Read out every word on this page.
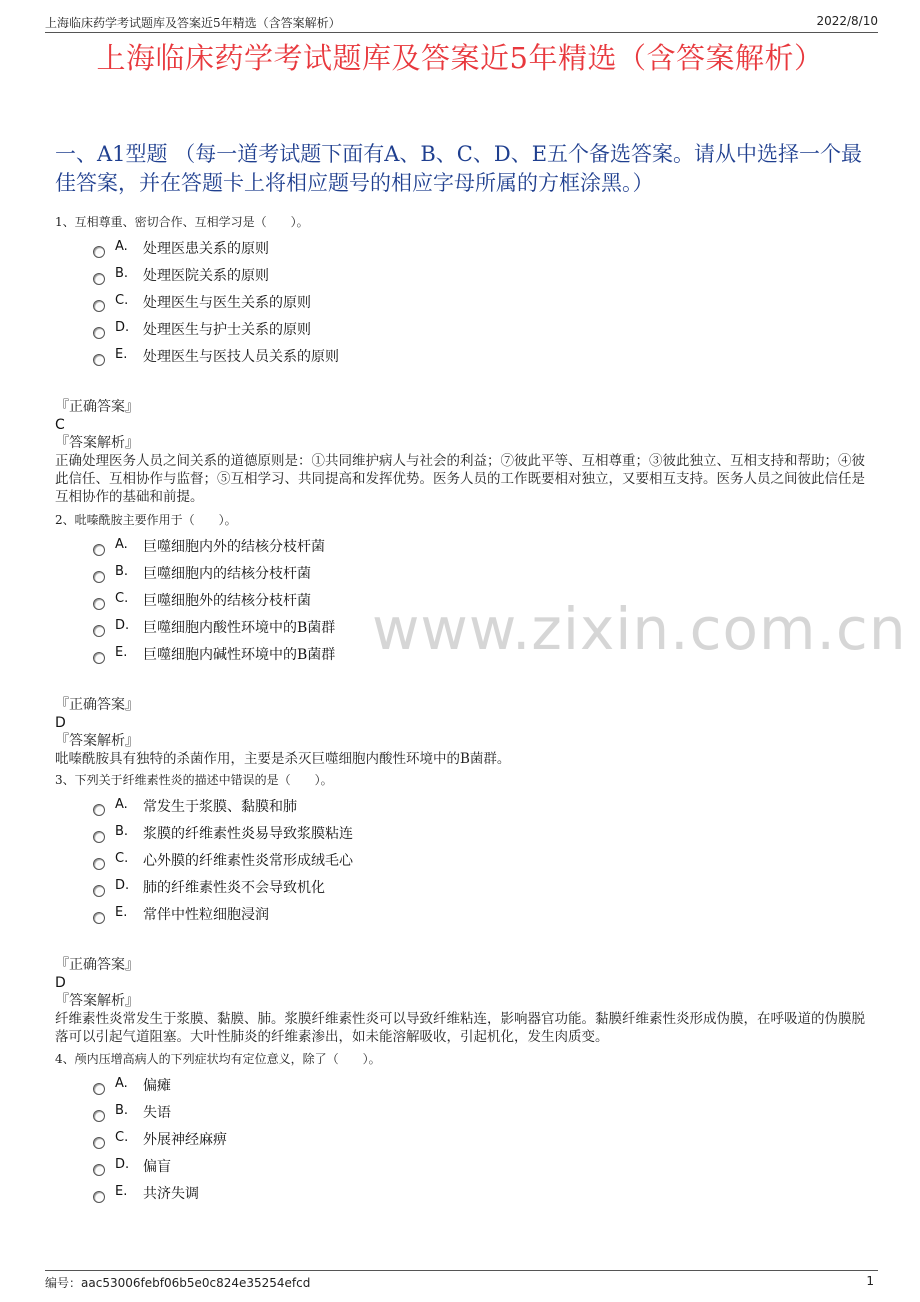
上海临床药学考试题库及答案近5年精选（含答案解析）	2022/8/10
上海临床药学考试题库及答案近5年精选（含答案解析）
一、A1型题 （每一道考试题下面有A、B、C、D、E五个备选答案。请从中选择一个最佳答案，并在答题卡上将相应题号的相应字母所属的方框涂黑。）
www.zixin.com.cn
1、互相尊重、密切合作、互相学习是（　　）。
A. 处理医患关系的原则
B. 处理医院关系的原则
C. 处理医生与医生关系的原则
D. 处理医生与护士关系的原则
E. 处理医生与医技人员关系的原则
『正确答案』
C
『答案解析』
正确处理医务人员之间关系的道德原则是：①共同维护病人与社会的利益；⑦彼此平等、互相尊重；③彼此独立、互相支持和帮助；④彼此信任、互相协作与监督；⑤互相学习、共同提高和发挥优势。医务人员的工作既要相对独立，又要相互支持。医务人员之间彼此信任是互相协作的基础和前提。
2、吡嗪酰胺主要作用于（　　）。
A. 巨噬细胞内外的结核分枝杆菌
B. 巨噬细胞内的结核分枝杆菌
C. 巨噬细胞外的结核分枝杆菌
D. 巨噬细胞内酸性环境中的B菌群
E. 巨噬细胞内碱性环境中的B菌群
『正确答案』
D
『答案解析』
吡嗪酰胺具有独特的杀菌作用，主要是杀灭巨噬细胞内酸性环境中的B菌群。
3、下列关于纤维素性炎的描述中错误的是（　　）。
A. 常发生于浆膜、黏膜和肺
B. 浆膜的纤维素性炎易导致浆膜粘连
C. 心外膜的纤维素性炎常形成绒毛心
D. 肺的纤维素性炎不会导致机化
E. 常伴中性粒细胞浸润
『正确答案』
D
『答案解析』
纤维素性炎常发生于浆膜、黏膜、肺。浆膜纤维素性炎可以导致纤维粘连，影响器官功能。黏膜纤维素性炎形成伪膜，在呼吸道的伪膜脱落可以引起气道阻塞。大叶性肺炎的纤维素渗出，如未能溶解吸收，引起机化，发生肉质变。
4、颅内压增高病人的下列症状均有定位意义，除了（　　）。
A. 偏瘫
B. 失语
C. 外展神经麻痹
D. 偏盲
E. 共济失调
编号：aac53006febf06b5e0c824e35254efcd	1
